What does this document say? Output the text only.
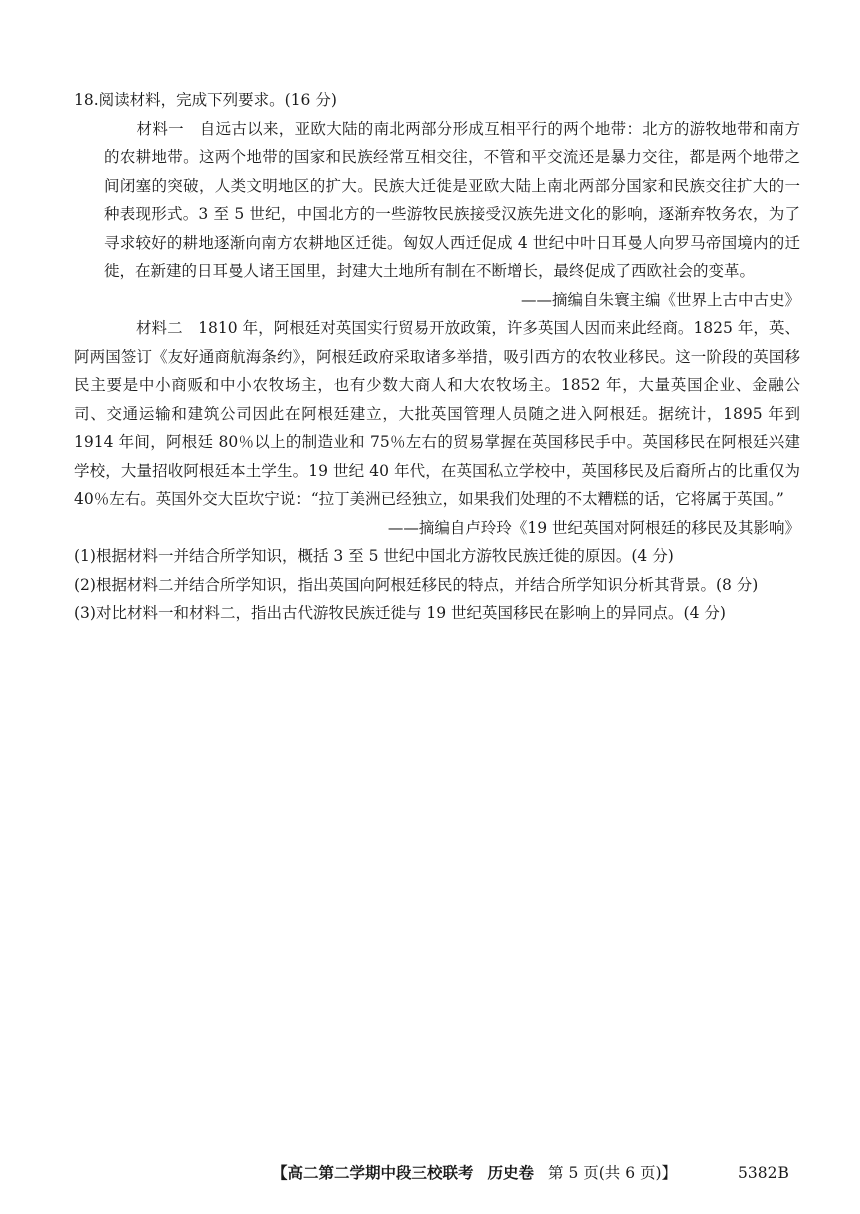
18.阅读材料，完成下列要求。(16 分)

材料一　自远古以来，亚欧大陆的南北两部分形成互相平行的两个地带：北方的游牧地带和南方的农耕地带。这两个地带的国家和民族经常互相交往，不管和平交流还是暴力交往，都是两个地带之间闭塞的突破，人类文明地区的扩大。民族大迁徙是亚欧大陆上南北两部分国家和民族交往扩大的一种表现形式。3 至 5 世纪，中国北方的一些游牧民族接受汉族先进文化的影响，逐渐弃牧务农，为了寻求较好的耕地逐渐向南方农耕地区迁徙。匈奴人西迁促成 4 世纪中叶日耳曼人向罗马帝国境内的迁徙，在新建的日耳曼人诸王国里，封建大土地所有制在不断增长，最终促成了西欧社会的变革。

——摘编自朱寰主编《世界上古中古史》

材料二　1810 年，阿根廷对英国实行贸易开放政策，许多英国人因而来此经商。1825 年，英、阿两国签订《友好通商航海条约》，阿根廷政府采取诸多举措，吸引西方的农牧业移民。这一阶段的英国移民主要是中小商贩和中小农牧场主，也有少数大商人和大农牧场主。1852 年，大量英国企业、金融公司、交通运输和建筑公司因此在阿根廷建立，大批英国管理人员随之进入阿根廷。据统计，1895 年到 1914 年间，阿根廷 80％以上的制造业和 75％左右的贸易掌握在英国移民手中。英国移民在阿根廷兴建学校，大量招收阿根廷本土学生。19 世纪 40 年代，在英国私立学校中，英国移民及后裔所占的比重仅为 40％左右。英国外交大臣坎宁说：“拉丁美洲已经独立，如果我们处理的不太糟糕的话，它将属于英国。”

——摘编自卢玲玲《19 世纪英国对阿根廷的移民及其影响》

(1)根据材料一并结合所学知识，概括 3 至 5 世纪中国北方游牧民族迁徙的原因。(4 分)

(2)根据材料二并结合所学知识，指出英国向阿根廷移民的特点，并结合所学知识分析其背景。(8 分)

(3)对比材料一和材料二，指出古代游牧民族迁徙与 19 世纪英国移民在影响上的异同点。(4 分)

【高二第二学期中段三校联考 历史卷 第 5 页(共 6 页)】	5382B
